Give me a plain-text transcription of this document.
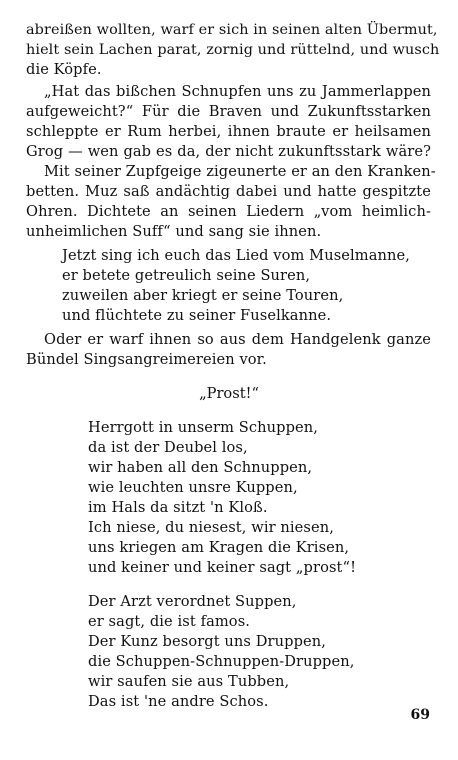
abreißen wollten, warf er sich in seinen alten Übermut,
hielt sein Lachen parat, zornig und rüttelnd, und wusch
die Köpfe.
„Hat das bißchen Schnupfen uns zu Jammerlappen
aufgeweicht?“ Für die Braven und Zukunftsstarken
schleppte er Rum herbei, ihnen braute er heilsamen
Grog — wen gab es da, der nicht zukunftsstark wäre?
Mit seiner Zupfgeige zigeunerte er an den Kranken-
betten. Muz saß andächtig dabei und hatte gespitzte
Ohren. Dichtete an seinen Liedern „vom heimlich-
unheimlichen Suff“ und sang sie ihnen.
Jetzt sing ich euch das Lied vom Muselmanne,
er betete getreulich seine Suren,
zuweilen aber kriegt er seine Touren,
und flüchtete zu seiner Fuselkanne.
Oder er warf ihnen so aus dem Handgelenk ganze
Bündel Singsangreimereien vor.
„Prost!“
Herrgott in unserm Schuppen,
da ist der Deubel los,
wir haben all den Schnuppen,
wie leuchten unsre Kuppen,
im Hals da sitzt 'n Kloß.
Ich niese, du niesest, wir niesen,
uns kriegen am Kragen die Krisen,
und keiner und keiner sagt „prost“!
Der Arzt verordnet Suppen,
er sagt, die ist famos.
Der Kunz besorgt uns Druppen,
die Schuppen-Schnuppen-Druppen,
wir saufen sie aus Tubben,
Das ist 'ne andre Schos.
69
